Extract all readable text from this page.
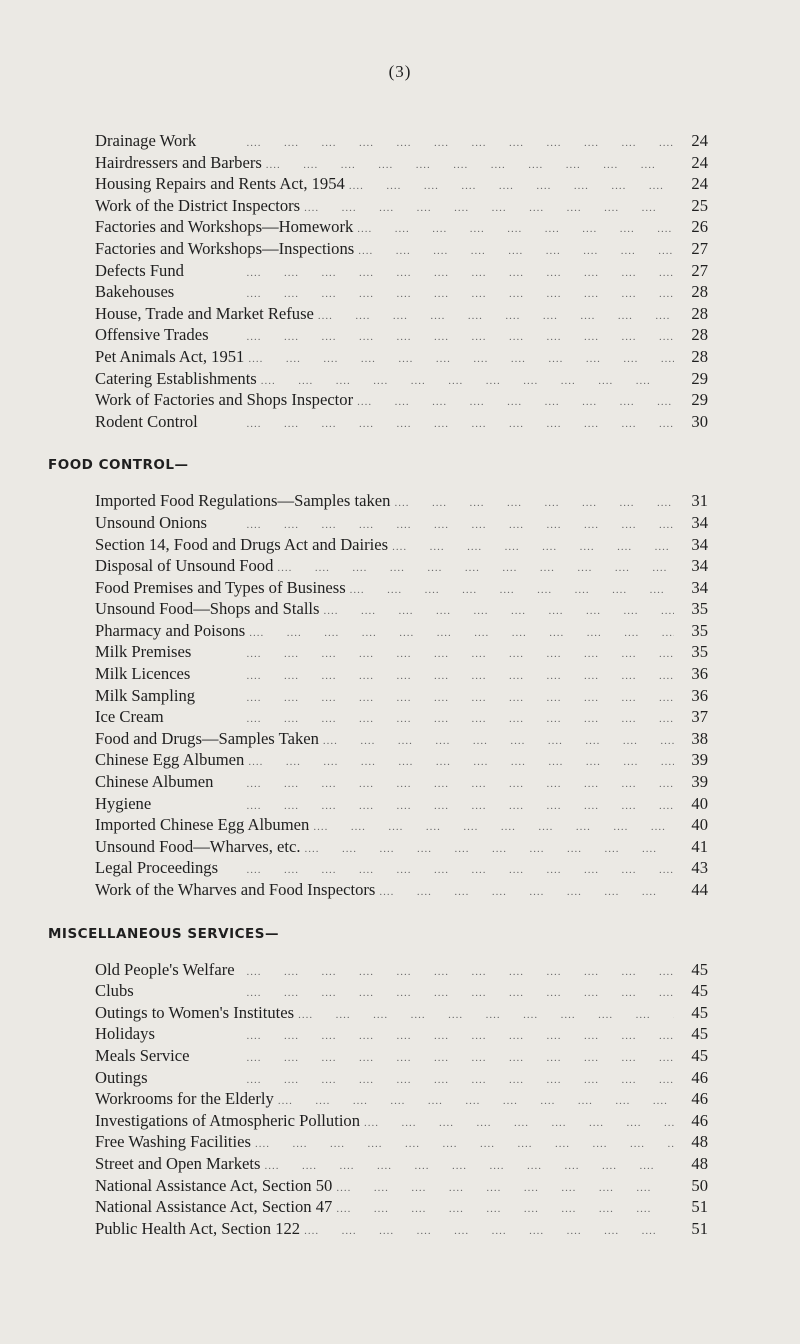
(3)
Drainage Work ....	24
Hairdressers and Barbers ....	24
Housing Repairs and Rents Act, 1954 ....	24
Work of the District Inspectors ....	25
Factories and Workshops—Homework ....	26
Factories and Workshops—Inspections ....	27
Defects Fund ....	27
Bakehouses ....	28
House, Trade and Market Refuse ....	28
Offensive Trades ....	28
Pet Animals Act, 1951 ....	28
Catering Establishments ....	29
Work of Factories and Shops Inspector ....	29
Rodent Control ....	30
FOOD CONTROL—
Imported Food Regulations—Samples taken ....	31
Unsound Onions ....	34
Section 14, Food and Drugs Act and Dairies ....	34
Disposal of Unsound Food ....	34
Food Premises and Types of Business ....	34
Unsound Food—Shops and Stalls ....	35
Pharmacy and Poisons ....	35
Milk Premises ....	35
Milk Licences ....	36
Milk Sampling ....	36
Ice Cream ....	37
Food and Drugs—Samples Taken ....	38
Chinese Egg Albumen ....	39
Chinese Albumen ....	39
Hygiene ....	40
Imported Chinese Egg Albumen ....	40
Unsound Food—Wharves, etc. ....	41
Legal Proceedings ....	43
Work of the Wharves and Food Inspectors ....	44
MISCELLANEOUS SERVICES—
Old People's Welfare ....	45
Clubs ....	45
Outings to Women's Institutes ....	45
Holidays ....	45
Meals Service ....	45
Outings ....	46
Workrooms for the Elderly ....	46
Investigations of Atmospheric Pollution ....	46
Free Washing Facilities ....	48
Street and Open Markets ....	48
National Assistance Act, Section 50 ....	50
National Assistance Act, Section 47 ....	51
Public Health Act, Section 122 ....	51
